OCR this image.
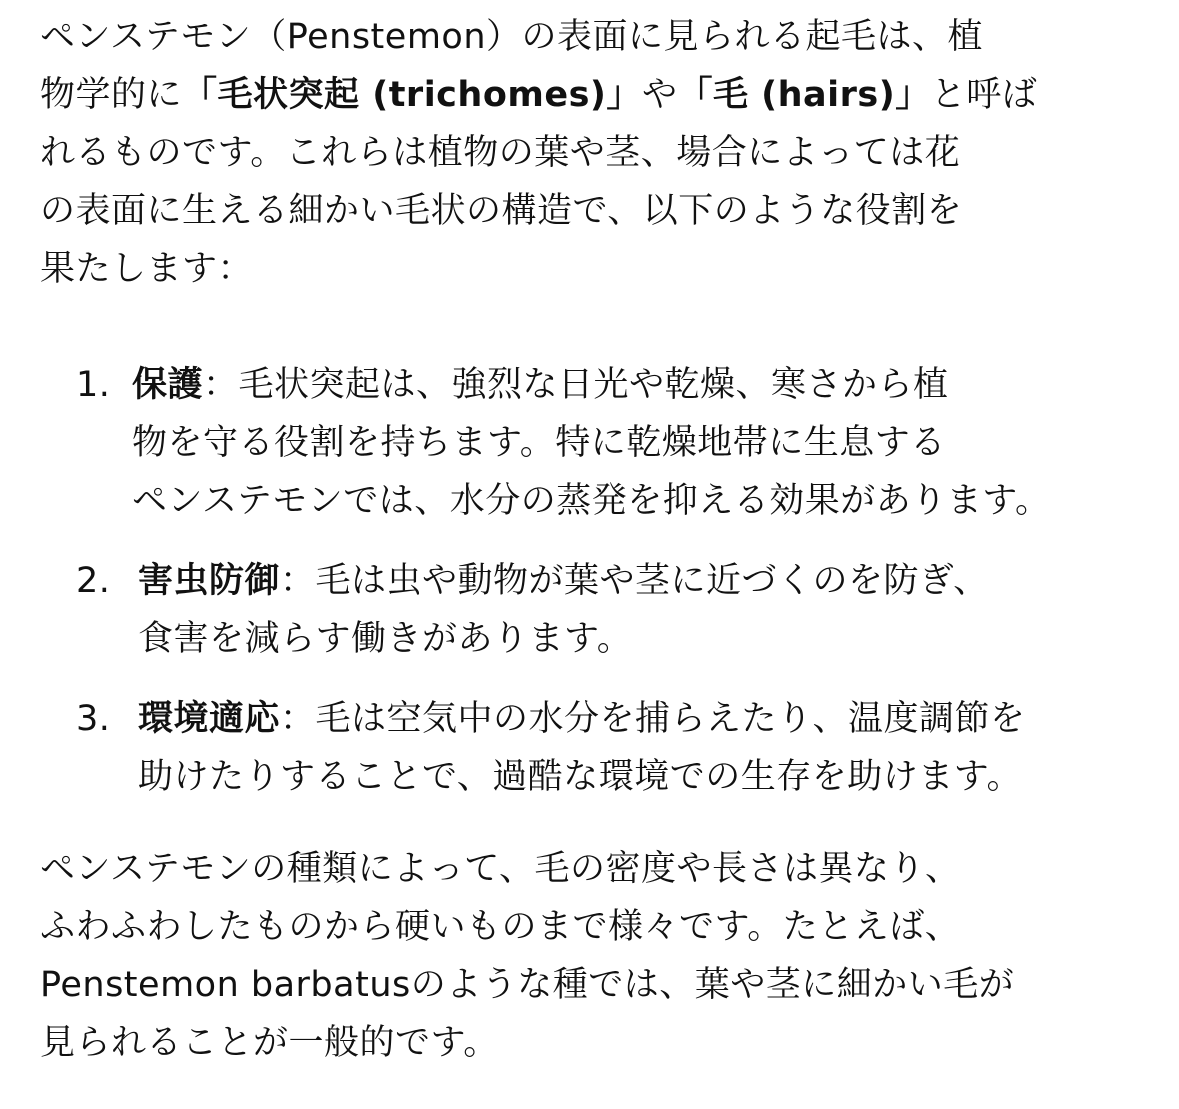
ペンステモン（Penstemon）の表面に見られる起毛は、植
物学的に「毛状突起 (trichomes)」や「毛 (hairs)」と呼ば
れるものです。これらは植物の葉や茎、場合によっては花
の表面に生える細かい毛状の構造で、以下のような役割を
果たします：
1. 保護：毛状突起は、強烈な日光や乾燥、寒さから植
物を守る役割を持ちます。特に乾燥地帯に生息する
ペンステモンでは、水分の蒸発を抑える効果があります。
2. 害虫防御：毛は虫や動物が葉や茎に近づくのを防ぎ、
食害を減らす働きがあります。
3. 環境適応：毛は空気中の水分を捕らえたり、温度調節を
助けたりすることで、過酷な環境での生存を助けます。
ペンステモンの種類によって、毛の密度や長さは異なり、
ふわふわしたものから硬いものまで様々です。たとえば、
Penstemon barbatusのような種では、葉や茎に細かい毛が
見られることが一般的です。
